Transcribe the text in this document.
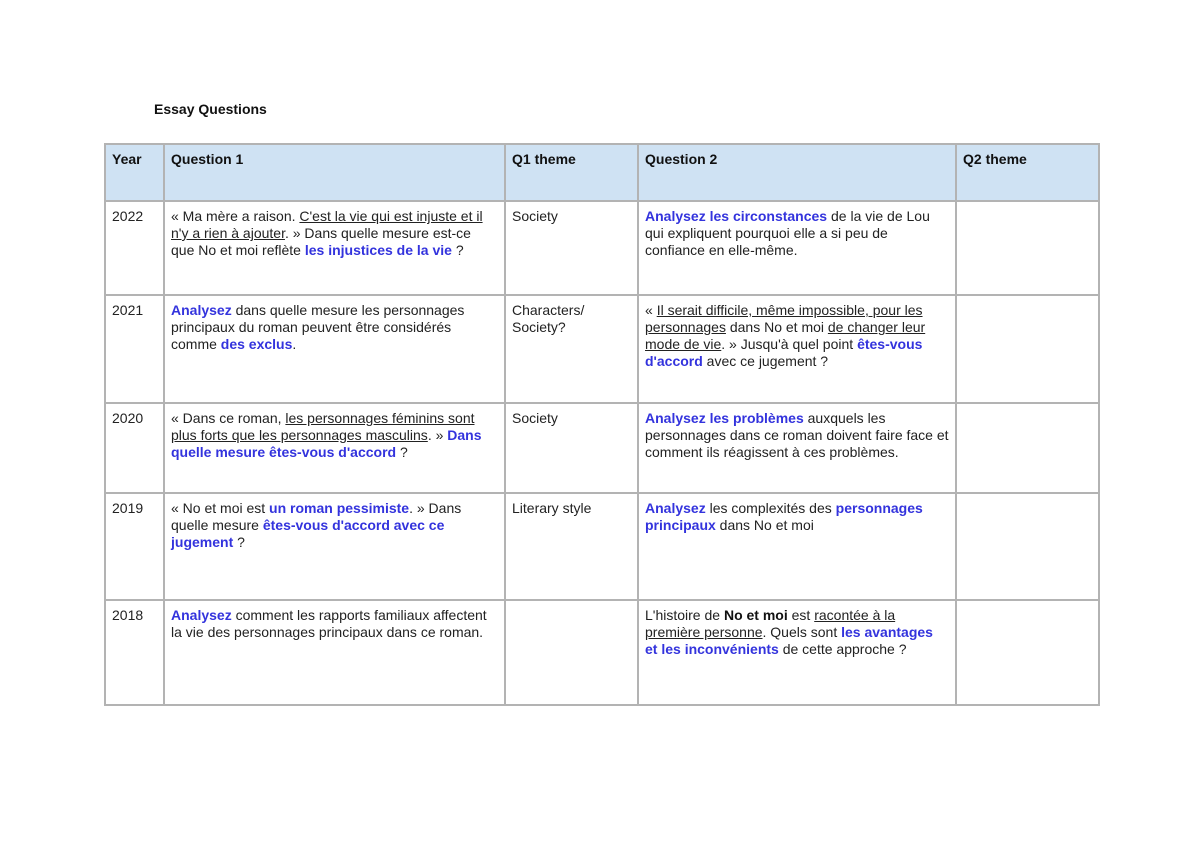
Essay Questions
Year	Question 1	Q1 theme	Question 2	Q2 theme
2022	« Ma mère a raison. C'est la vie qui est injuste et il n'y a rien à ajouter. » Dans quelle mesure est-ce que No et moi reflète les injustices de la vie ?	Society	Analysez les circonstances de la vie de Lou qui expliquent pourquoi elle a si peu de confiance en elle-même.	
2021	Analysez dans quelle mesure les personnages principaux du roman peuvent être considérés comme des exclus.	Characters/ Society?	« Il serait difficile, même impossible, pour les personnages dans No et moi de changer leur mode de vie. » Jusqu'à quel point êtes-vous d'accord avec ce jugement ?	
2020	« Dans ce roman, les personnages féminins sont plus forts que les personnages masculins. » Dans quelle mesure êtes-vous d'accord ?	Society	Analysez les problèmes auxquels les personnages dans ce roman doivent faire face et comment ils réagissent à ces problèmes.	
2019	« No et moi est un roman pessimiste. » Dans quelle mesure êtes-vous d'accord avec ce jugement ?	Literary style	Analysez les complexités des personnages principaux dans No et moi	
2018	Analysez comment les rapports familiaux affectent la vie des personnages principaux dans ce roman.		L'histoire de No et moi est racontée à la première personne. Quels sont les avantages et les inconvénients de cette approche ?	
